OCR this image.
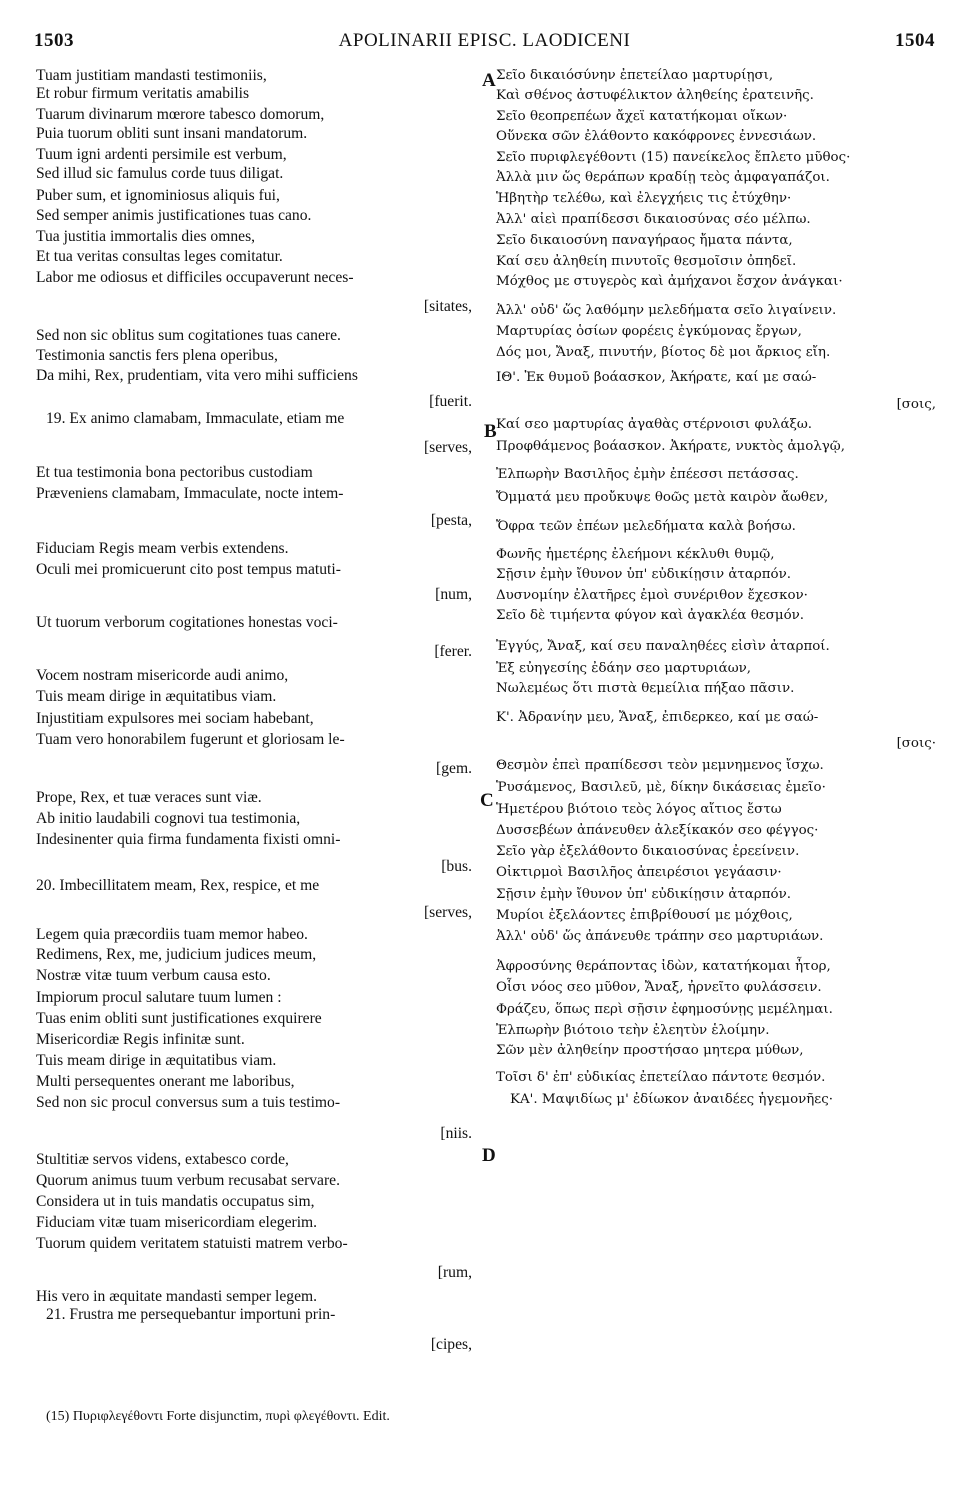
APOLINARII EPISC. LAODICENI
1503	1504
Tuam justitiam mandasti testimoniis,
Et robur firmum veritatis amabilis
Tuarum divinarum mœrore tabesco domorum,
Puia tuorum obliti sunt insani mandatorum.
Tuum igni ardenti persimile est verbum,
Sed illud sic famulus corde tuus diligat.
Puber sum, et ignominiosus aliquis fui,
Sed semper animis justificationes tuas cano.
Tua justitia immortalis dies omnes,
Et tua veritas consultas leges comitatur.
Labor me odiosus et difficiles occupaverunt neces-
[sitates,
Sed non sic oblitus sum cogitationes tuas canere.
Testimonia sanctis fers plena operibus,
Da mihi, Rex, prudentiam, vita vero mihi sufficiens
[fuerit.
19. Ex animo clamabam, Immaculate, etiam me
[serves,
Et tua testimonia bona pectoribus custodiam
Præveniens clamabam, Immaculate, nocte intem-
[pesta,
Fiduciam Regis meam verbis extendens.
Oculi mei promicuerunt cito post tempus matuti-
[num,
Ut tuorum verborum cogitationes honestas voci-
[ferer.
Vocem nostram misericorde audi animo,
Tuis meam dirige in æquitatibus viam.
Injustitiam expulsores mei sociam habebant,
Tuam vero honorabilem fugerunt et gloriosam le-
[gem.
Prope, Rex, et tuæ veraces sunt viæ.
Ab initio laudabili cognovi tua testimonia,
Indesinenter quia firma fundamenta fixisti omni-
[bus.
20. Imbecillitatem meam, Rex, respice, et me
[serves,
Legem quia præcordiis tuam memor habeo.
Redimens, Rex, me, judicium judices meum,
Nostræ vitæ tuum verbum causa esto.
Impiorum procul salutare tuum lumen :
Tuas enim obliti sunt justificationes exquirere
Misericordiæ Regis infinitæ sunt.
Tuis meam dirige in æquitatibus viam.
Multi persequentes onerant me laboribus,
Sed non sic procul conversus sum a tuis testimo-
[niis.
Stultitiæ servos videns, extabesco corde,
Quorum animus tuum verbum recusabat servare.
Considera ut in tuis mandatis occupatus sim,
Fiduciam vitæ tuam misericordiam elegerim.
Tuorum quidem veritatem statuisti matrem verbo-
[rum,
His vero in æquitate mandasti semper legem.
21. Frustra me persequebantur importuni prin-
[cipes,
Σεῖο δικαιόσύνην ἐπετείλαο μαρτυρίῃσι,
Καὶ σθένος ἀστυφέλικτον ἀληθείης ἐρατεινῆς.
Σεῖο θεοπρεπέων ἄχεϊ κατατήκομαι οἴκων·
Οὕνεκα σῶν ἐλάθοντο κακόφρονες ἐννεσιάων.
Σεῖο πυριφλεγέθοντι (15) πανείκελος ἔπλετο μῦθος·
Ἀλλὰ μιν ὥς θεράπων κραδίῃ τεὸς ἀμφαγαπάζοι.
Ἡβητὴρ τελέθω, καὶ ἐλεγχήεις τις ἐτύχθην·
Ἀλλ' αἰεὶ πραπίδεσσι δικαιοσύνας σέο μέλπω.
Σεῖο δικαιοσύνη παναγήραος ἤματα πάντα,
Καί σευ ἀληθείη πινυτοῖς θεσμοῖσιν ὀπηδεῖ.
Μόχθος με στυγερὸς καὶ ἀμήχανοι ἔσχον ἀνάγκαι·
Ἀλλ' οὐδ' ὥς λαθόμην μελεδήματα σεῖο λιγαίνειν.
Μαρτυρίας ὁσίων φορέεις ἐγκύμονας ἔργων,
Δός μοι, Ἄναξ, πινυτήν, βίοτος δὲ μοι ἄρκιος εἴη.
ΙΘ'. Ἐκ θυμοῦ βοάασκον, Ἀκήρατε, καί με σαώ-
[σοις,
Καί σεο μαρτυρίας ἀγαθὰς στέρνοισι φυλάξω.
Προφθάμενος βοάασκον. Ἀκήρατε, νυκτὸς ἀμολγῷ,
Ἐλπωρὴν Βασιλῆος ἐμὴν ἐπέεσσι πετάσσας.
Ὄμματά μευ προὔκυψε θοῶς μετὰ καιρὸν ἄωθεν,
Ὄφρα τεῶν ἐπέων μελεδήματα καλὰ βοήσω.
Φωνῆς ἡμετέρης ἐλεήμονι κέκλυθι θυμῷ,
Σῇσιν ἐμὴν ἴθυνον ὑπ' εὐδικίῃσιν ἀταρπόν.
Δυσνομίην ἐλατῆρες ἐμοὶ συνέριθον ἔχεσκον·
Σεῖο δὲ τιμήεντα φύγον καὶ ἀγακλέα θεσμόν.
Ἐγγύς, Ἄναξ, καί σευ παναληθέες εἰσὶν ἀταρποί.
Ἐξ εὐηγεσίης ἐδάην σεο μαρτυριάων,
Νωλεμέως ὅτι πιστὰ θεμείλια πήξαο πᾶσιν.
Κ'. Ἀδρανίην μευ, Ἄναξ, ἐπιδερκεο, καί με σαώ-
[σοις·
Θεσμὸν ἐπεὶ πραπίδεσσι τεὸν μεμνημενος ἴσχω.
Ῥυσάμενος, Βασιλεῦ, μὲ, δίκην δικάσειας ἐμεῖο·
Ἡμετέρου βιότοιο τεὸς λόγος αἴτιος ἔστω
Δυσσεβέων ἀπάνευθεν ἀλεξίκακόν σεο φέγγος·
Σεῖο γὰρ ἐξελάθοντο δικαιοσύνας ἐρεείνειν.
Οἰκτιρμοὶ Βασιλῆος ἀπειρέσιοι γεγάασιν·
Σῇσιν ἐμὴν ἴθυνον ὑπ' εὐδικίῃσιν ἀταρπόν.
Μυρίοι ἐξελάοντες ἐπιβρίθουσί με μόχθοις,
Ἀλλ' οὐδ' ὥς ἀπάνευθε τράπην σεο μαρτυριάων.
Ἀφροσύνης θεράποντας ἰδὼν, κατατήκομαι ἦτορ,
Οἷσι νόος σεο μῦθον, Ἄναξ, ἠρνεῖτο φυλάσσειν.
Φράζευ, ὅπως περὶ σῇσιν ἐφημοσύνῃς μεμέλημαι.
Ἐλπωρὴν βιότοιο τεὴν ἐλεητὺν ἑλοίμην.
Σῶν μὲν ἀληθείην προστήσαο μητερα μύθων,
Τοῖσι δ' ἐπ' εὐδικίας ἐπετείλαο πάντοτε θεσμόν.
ΚΑ'. Μαψιδίως μ' ἐδίωκον ἀναιδέες ἡγεμονῆες·
A
B
C
D
(15) Πυριφλεγέθοντι Forte disjunctim, πυρὶ φλεγέθοντι. Edit.
